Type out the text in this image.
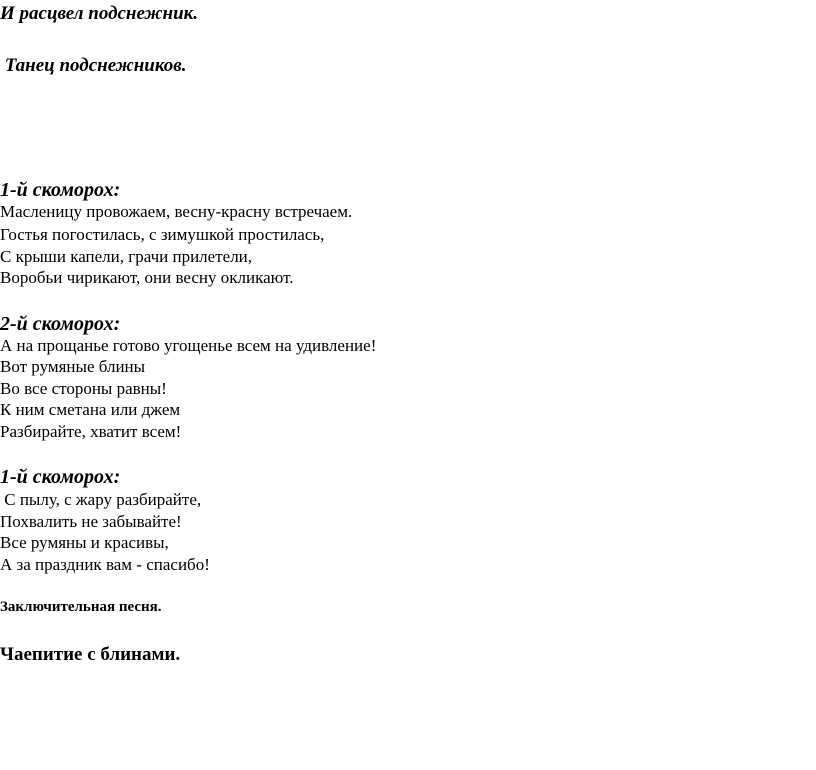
И расцвел подснежник.
Танец подснежников.
1-й скоморох:
Масленицу провожаем, весну-красну встречаем.
Гостья погостилась, с зимушкой простилась,
С крыши капели, грачи прилетели,
Воробьи чирикают, они весну окликают.
2-й скоморох:
А на прощанье готово угощенье всем на удивление!
Вот румяные блины
Во все стороны равны!
К ним сметана или джем
Разбирайте, хватит всем!
1-й скоморох:
С пылу, с жару разбирайте,
Похвалить не забывайте!
Все румяны и красивы,
А за праздник вам - спасибо!
Заключительная песня.
Чаепитие с блинами.
